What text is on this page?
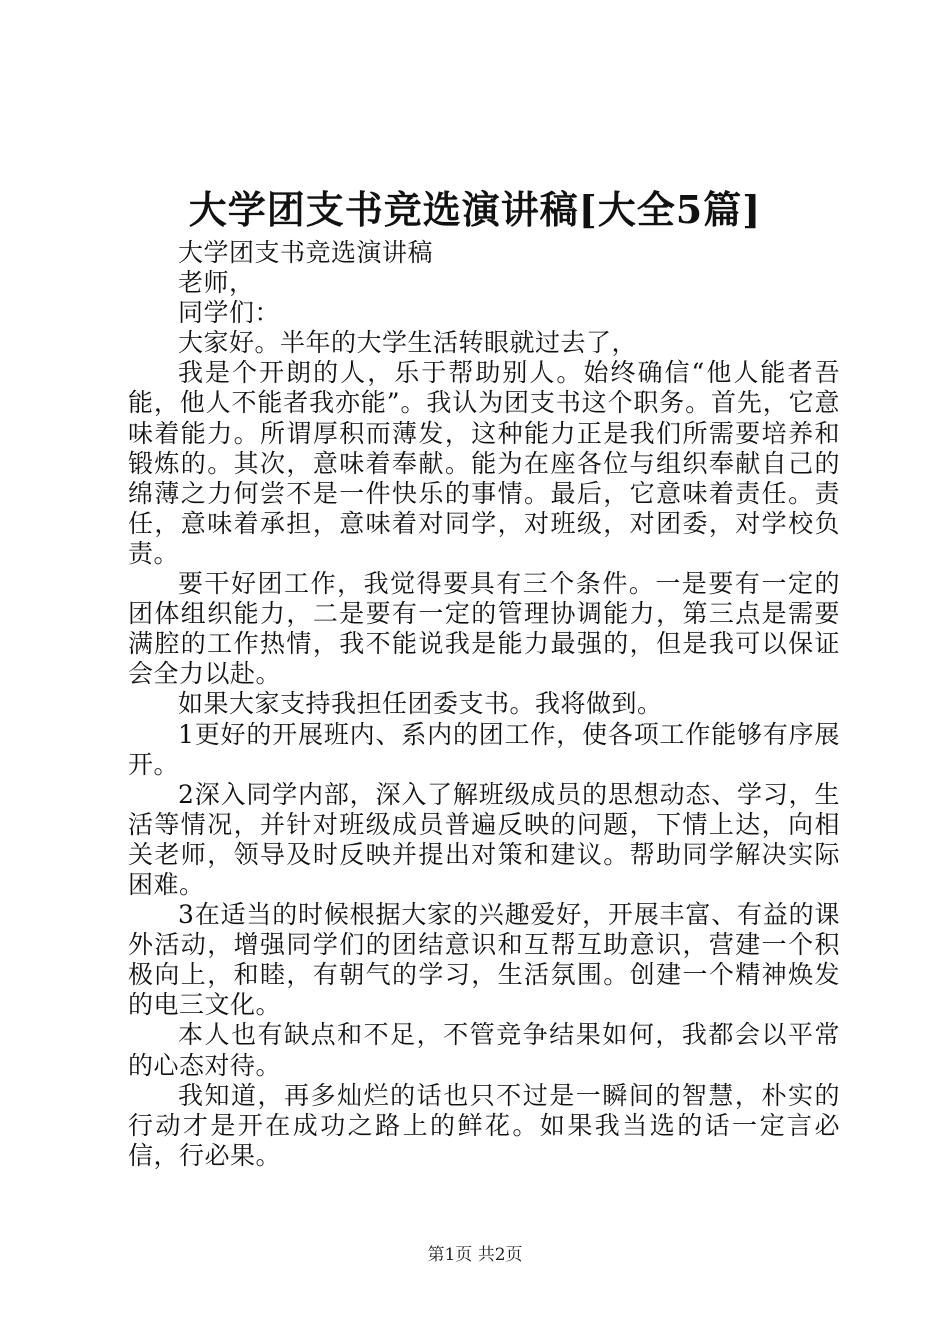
大学团支书竞选演讲稿[大全5篇]

大学团支书竞选演讲稿

老师，

同学们：

大家好。半年的大学生活转眼就过去了，

我是个开朗的人，乐于帮助别人。始终确信“他人能者吾能，他人不能者我亦能”。我认为团支书这个职务。首先，它意味着能力。所谓厚积而薄发，这种能力正是我们所需要培养和锻炼的。其次，意味着奉献。能为在座各位与组织奉献自己的绵薄之力何尝不是一件快乐的事情。最后，它意味着责任。责任，意味着承担，意味着对同学，对班级，对团委，对学校负责。

要干好团工作，我觉得要具有三个条件。一是要有一定的团体组织能力，二是要有一定的管理协调能力，第三点是需要满腔的工作热情，我不能说我是能力最强的，但是我可以保证会全力以赴。

如果大家支持我担任团委支书。我将做到。

1更好的开展班内、系内的团工作，使各项工作能够有序展开。

2深入同学内部，深入了解班级成员的思想动态、学习，生活等情况，并针对班级成员普遍反映的问题，下情上达，向相关老师，领导及时反映并提出对策和建议。帮助同学解决实际困难。

3在适当的时候根据大家的兴趣爱好，开展丰富、有益的课外活动，增强同学们的团结意识和互帮互助意识，营建一个积极向上，和睦，有朝气的学习，生活氛围。创建一个精神焕发的电三文化。

本人也有缺点和不足，不管竞争结果如何，我都会以平常的心态对待。

我知道，再多灿烂的话也只不过是一瞬间的智慧，朴实的行动才是开在成功之路上的鲜花。如果我当选的话一定言必信，行必果。

第1页 共2页
